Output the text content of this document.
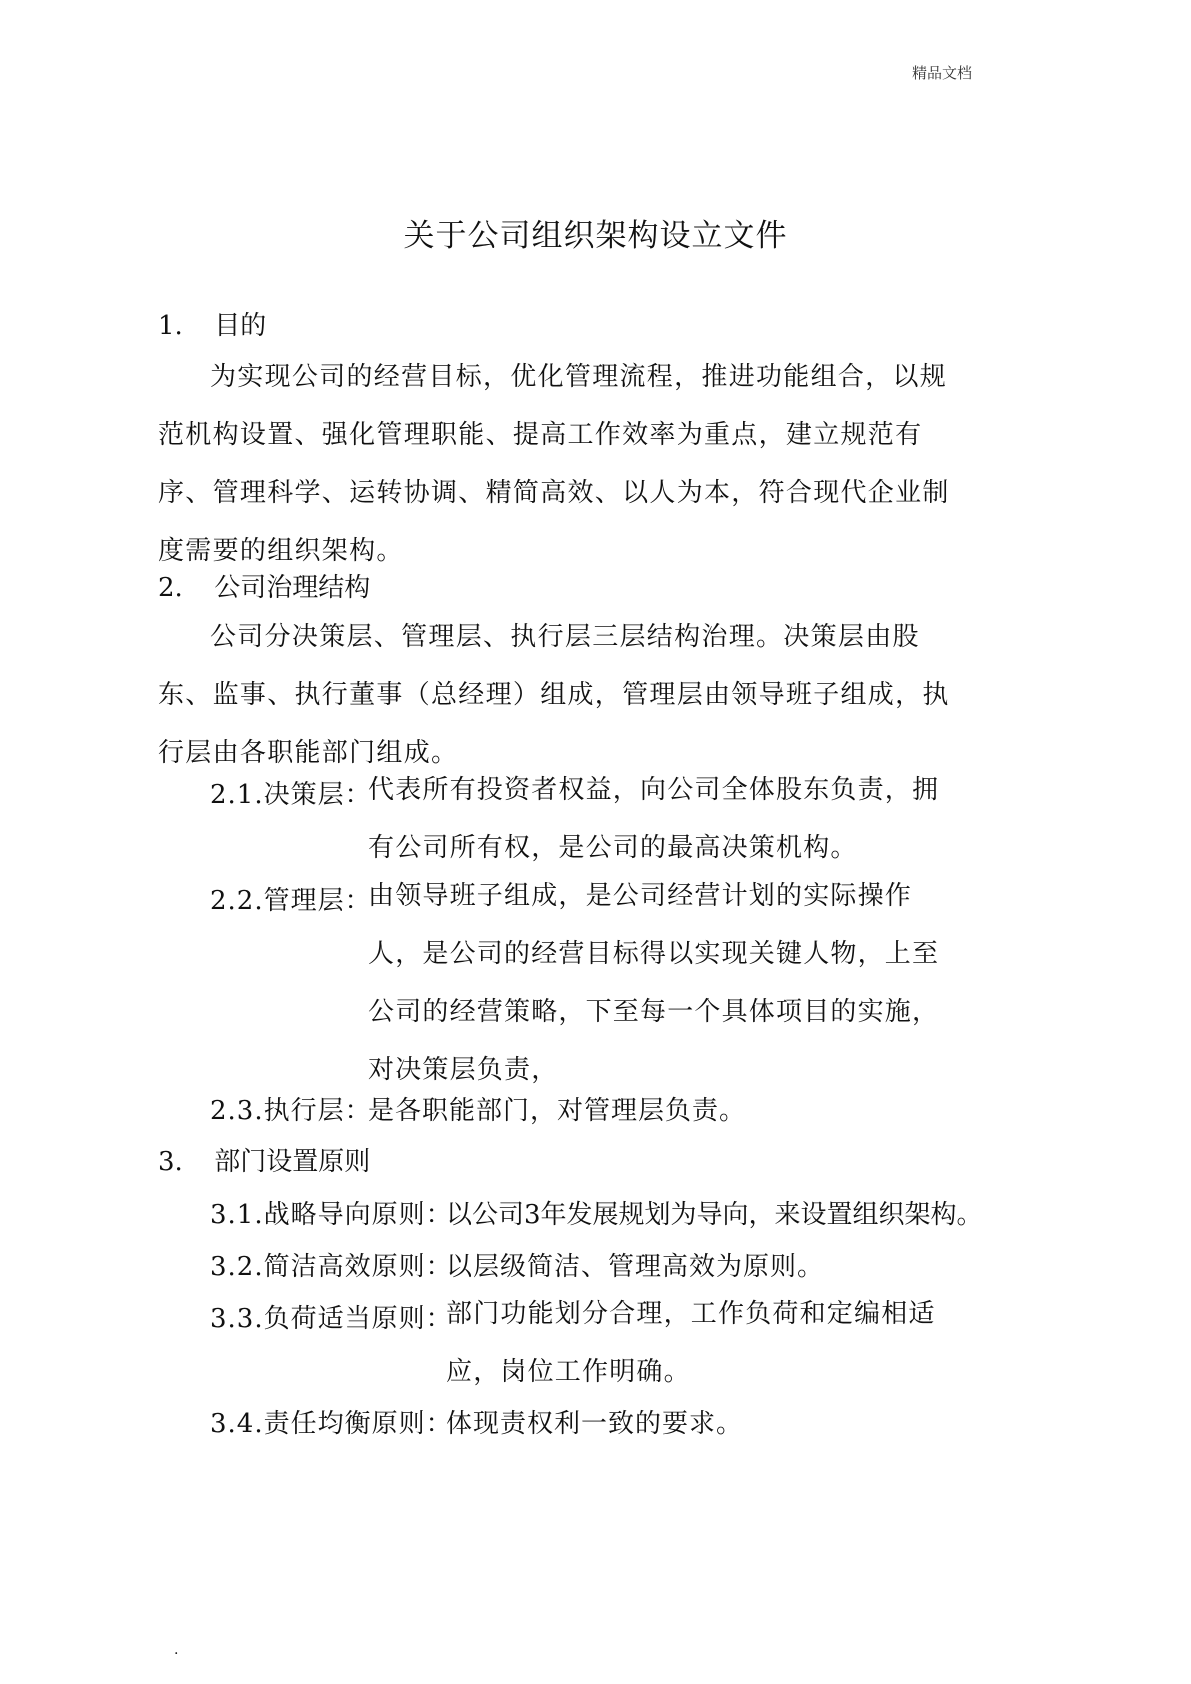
精品文档
关于公司组织架构设立文件
1. 目的
为实现公司的经营目标，优化管理流程，推进功能组合，以规范机构设置、强化管理职能、提高工作效率为重点，建立规范有序、管理科学、运转协调、精简高效、以人为本，符合现代企业制度需要的组织架构。
2. 公司治理结构
公司分决策层、管理层、执行层三层结构治理。决策层由股东、监事、执行董事（总经理）组成，管理层由领导班子组成，执行层由各职能部门组成。
2.1.决策层：
代表所有投资者权益，向公司全体股东负责，拥有公司所有权，是公司的最高决策机构。
2.2.管理层：
由领导班子组成，是公司经营计划的实际操作人，是公司的经营目标得以实现关键人物，上至公司的经营策略，下至每一个具体项目的实施，对决策层负责，
2.3.执行层：
是各职能部门，对管理层负责。
3. 部门设置原则
3.1.战略导向原则：
以公司3年发展规划为导向，来设置组织架构。
3.2.简洁高效原则：
以层级简洁、管理高效为原则。
3.3.负荷适当原则：
部门功能划分合理，工作负荷和定编相适应，岗位工作明确。
3.4.责任均衡原则：
体现责权利一致的要求。
.
